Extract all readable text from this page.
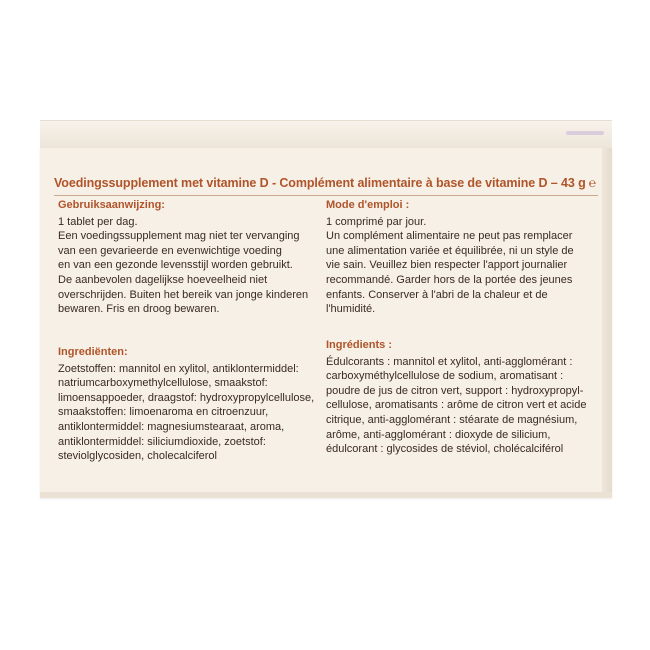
Voedingssupplement met vitamine D - Complément alimentaire à base de vitamine D – 43 g ℮
Gebruiksaanwijzing:

1 tablet per dag.
Een voedingssupplement mag niet ter vervanging
van een gevarieerde en evenwichtige voeding
en van een gezonde levensstijl worden gebruikt.
De aanbevolen dagelijkse hoeveelheid niet
overschrijden. Buiten het bereik van jonge kinderen
bewaren. Fris en droog bewaren.

Mode d'emploi :

1 comprimé par jour.
Un complément alimentaire ne peut pas remplacer
une alimentation variée et équilibrée, ni un style de
vie sain. Veuillez bien respecter l'apport journalier
recommandé. Garder hors de la portée des jeunes
enfants. Conserver à l'abri de la chaleur et de
l'humidité.

Ingrediënten:

Zoetstoffen: mannitol en xylitol, antiklontermiddel:
natriumcarboxymethylcellulose, smaakstof:
limoensappoeder, draagstof: hydroxypropylcellulose,
smaakstoffen: limoenaroma en citroenzuur,
antiklontermiddel: magnesiumstearaat, aroma,
antiklontermiddel: siliciumdioxide, zoetstof:
steviolglycosiden, cholecalciferol

Ingrédients :

Édulcorants : mannitol et xylitol, anti-agglomérant :
carboxyméthylcellulose de sodium, aromatisant :
poudre de jus de citron vert, support : hydroxypropyl-
cellulose, aromatisants : arôme de citron vert et acide
citrique, anti-agglomérant : stéarate de magnésium,
arôme, anti-agglomérant : dioxyde de silicium,
édulcorant : glycosides de stéviol, cholécalciférol
